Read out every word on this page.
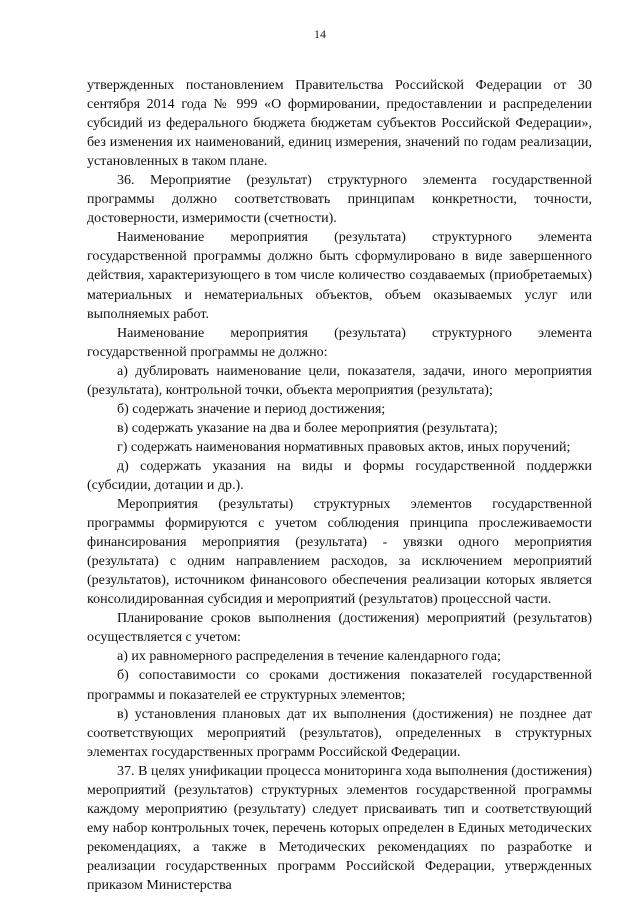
14

утвержденных постановлением Правительства Российской Федерации от 30 сентября 2014 года № 999 «О формировании, предоставлении и распределении субсидий из федерального бюджета бюджетам субъектов Российской Федерации», без изменения их наименований, единиц измерения, значений по годам реализации, установленных в таком плане.

36. Мероприятие (результат) структурного элемента государственной программы должно соответствовать принципам конкретности, точности, достоверности, измеримости (счетности).

Наименование мероприятия (результата) структурного элемента государственной программы должно быть сформулировано в виде завершенного действия, характеризующего в том числе количество создаваемых (приобретаемых) материальных и нематериальных объектов, объем оказываемых услуг или выполняемых работ.

Наименование мероприятия (результата) структурного элемента государственной программы не должно:

а) дублировать наименование цели, показателя, задачи, иного мероприятия (результата), контрольной точки, объекта мероприятия (результата);

б) содержать значение и период достижения;

в) содержать указание на два и более мероприятия (результата);

г) содержать наименования нормативных правовых актов, иных поручений;

д) содержать указания на виды и формы государственной поддержки (субсидии, дотации и др.).

Мероприятия (результаты) структурных элементов государственной программы формируются с учетом соблюдения принципа прослеживаемости финансирования мероприятия (результата) - увязки одного мероприятия (результата) с одним направлением расходов, за исключением мероприятий (результатов), источником финансового обеспечения реализации которых является консолидированная субсидия и мероприятий (результатов) процессной части.

Планирование сроков выполнения (достижения) мероприятий (результатов) осуществляется с учетом:

а) их равномерного распределения в течение календарного года;

б) сопоставимости со сроками достижения показателей государственной программы и показателей ее структурных элементов;

в) установления плановых дат их выполнения (достижения) не позднее дат соответствующих мероприятий (результатов), определенных в структурных элементах государственных программ Российской Федерации.

37. В целях унификации процесса мониторинга хода выполнения (достижения) мероприятий (результатов) структурных элементов государственной программы каждому мероприятию (результату) следует присваивать тип и соответствующий ему набор контрольных точек, перечень которых определен в Единых методических рекомендациях, а также в Методических рекомендациях по разработке и реализации государственных программ Российской Федерации, утвержденных приказом Министерства
